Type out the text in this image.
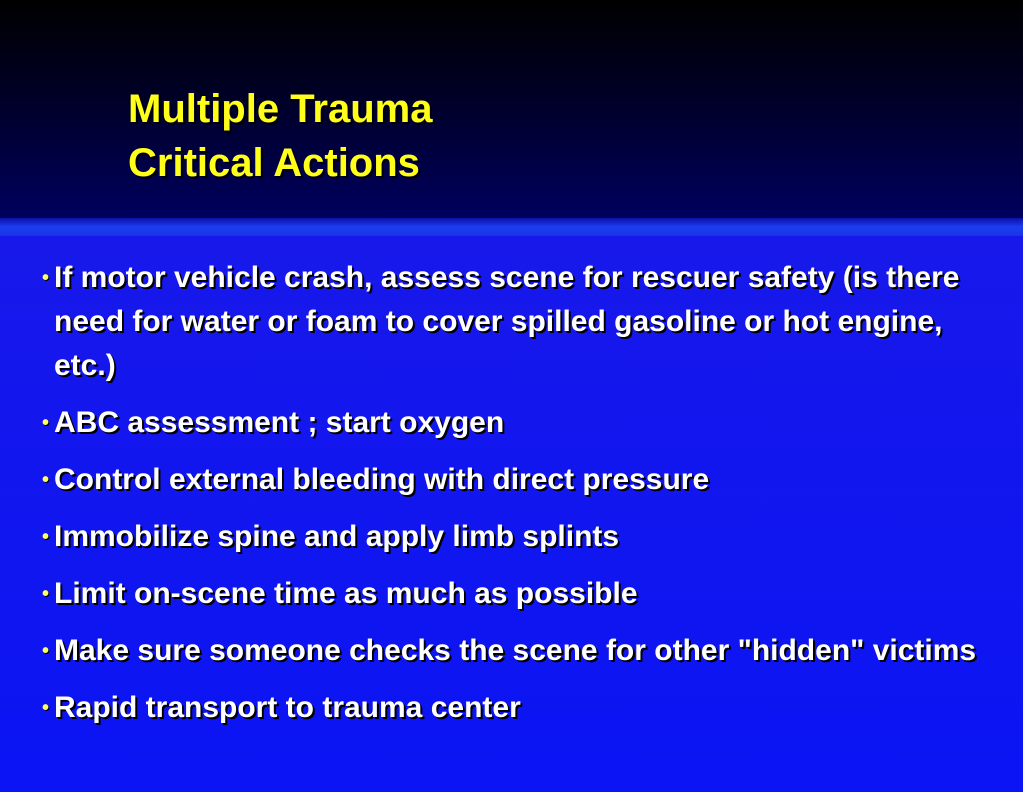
Multiple Trauma
Critical Actions
• If motor vehicle crash, assess scene for rescuer safety (is there need for water or foam to cover spilled gasoline or hot engine, etc.)
• ABC assessment ; start oxygen
• Control external bleeding with direct pressure
• Immobilize spine and apply limb splints
• Limit on-scene time as much as possible
• Make sure someone checks the scene for other "hidden" victims
• Rapid transport to trauma center
